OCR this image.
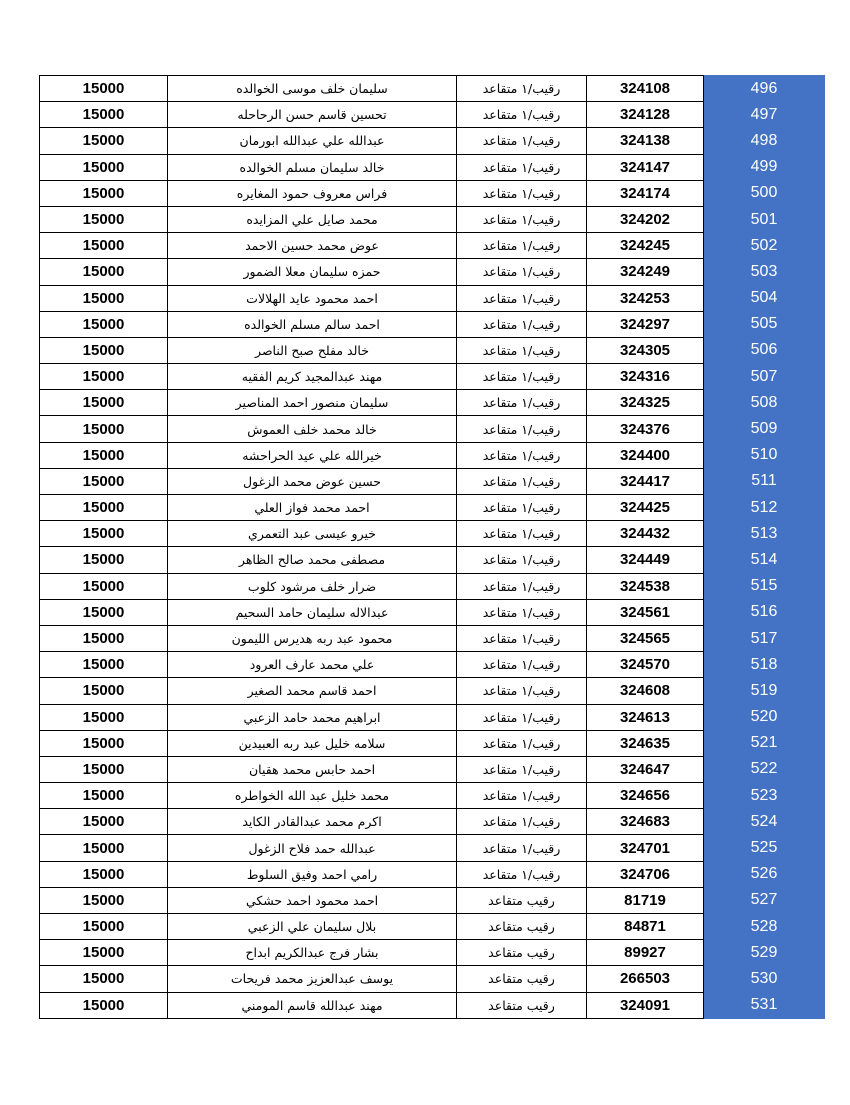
15000	سليمان خلف موسى الخوالده	رقيب/١ متقاعد	324108	496
15000	تحسين قاسم حسن الرحاحله	رقيب/١ متقاعد	324128	497
15000	عبدالله علي عبدالله ابورمان	رقيب/١ متقاعد	324138	498
15000	خالد سليمان مسلم الخوالده	رقيب/١ متقاعد	324147	499
15000	فراس معروف حمود المغايره	رقيب/١ متقاعد	324174	500
15000	محمد صايل علي المزايده	رقيب/١ متقاعد	324202	501
15000	عوض محمد حسين الاحمد	رقيب/١ متقاعد	324245	502
15000	حمزه سليمان معلا الضمور	رقيب/١ متقاعد	324249	503
15000	احمد محمود عايد الهلالات	رقيب/١ متقاعد	324253	504
15000	احمد سالم مسلم الخوالده	رقيب/١ متقاعد	324297	505
15000	خالد مفلح صبح الناصر	رقيب/١ متقاعد	324305	506
15000	مهند عبدالمجيد كريم الفقيه	رقيب/١ متقاعد	324316	507
15000	سليمان منصور احمد المناصير	رقيب/١ متقاعد	324325	508
15000	خالد محمد خلف العموش	رقيب/١ متقاعد	324376	509
15000	خيرالله علي عيد الحراحشه	رقيب/١ متقاعد	324400	510
15000	حسين عوض محمد الزغول	رقيب/١ متقاعد	324417	511
15000	احمد محمد فواز العلي	رقيب/١ متقاعد	324425	512
15000	خيرو عيسى عبد التعمري	رقيب/١ متقاعد	324432	513
15000	مصطفى محمد صالح الظاهر	رقيب/١ متقاعد	324449	514
15000	ضرار خلف مرشود كلوب	رقيب/١ متقاعد	324538	515
15000	عبدالاله سليمان حامد السحيم	رقيب/١ متقاعد	324561	516
15000	محمود عبد ربه هديرس الليمون	رقيب/١ متقاعد	324565	517
15000	علي محمد عارف العرود	رقيب/١ متقاعد	324570	518
15000	احمد قاسم محمد الصغير	رقيب/١ متقاعد	324608	519
15000	ابراهيم محمد حامد الزعبي	رقيب/١ متقاعد	324613	520
15000	سلامه خليل عبد ربه العبيدين	رقيب/١ متقاعد	324635	521
15000	احمد حابس محمد هقيان	رقيب/١ متقاعد	324647	522
15000	محمد خليل عبد الله الخواطره	رقيب/١ متقاعد	324656	523
15000	اكرم محمد عبدالقادر الكايد	رقيب/١ متقاعد	324683	524
15000	عبدالله حمد فلاح الزغول	رقيب/١ متقاعد	324701	525
15000	رامي احمد وفيق السلوط	رقيب/١ متقاعد	324706	526
15000	احمد محمود احمد حشكي	رقيب متقاعد	81719	527
15000	بلال سليمان علي الزعبي	رقيب متقاعد	84871	528
15000	بشار فرج عبدالكريم ابداح	رقيب متقاعد	89927	529
15000	يوسف عبدالعزيز محمد فريحات	رقيب متقاعد	266503	530
15000	مهند عبدالله قاسم المومني	رقيب متقاعد	324091	531
